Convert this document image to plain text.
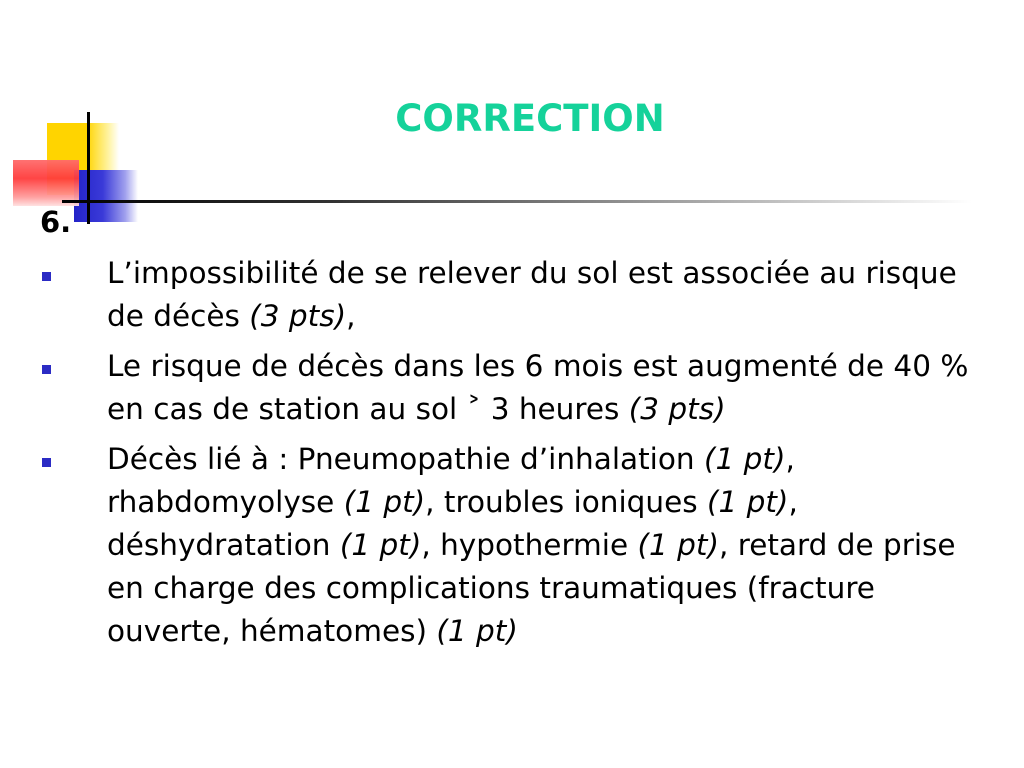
CORRECTION
6.
L’impossibilité de se relever du sol est associée au risque de décès (3 pts),
Le risque de décès dans les 6 mois est augmenté de 40 % en cas de station au sol ˃ 3 heures (3 pts)
Décès lié à : Pneumopathie d’inhalation (1 pt), rhabdomyolyse (1 pt), troubles ioniques (1 pt), déshydratation (1 pt), hypothermie (1 pt), retard de prise en charge des complications traumatiques (fracture ouverte, hématomes) (1 pt)
